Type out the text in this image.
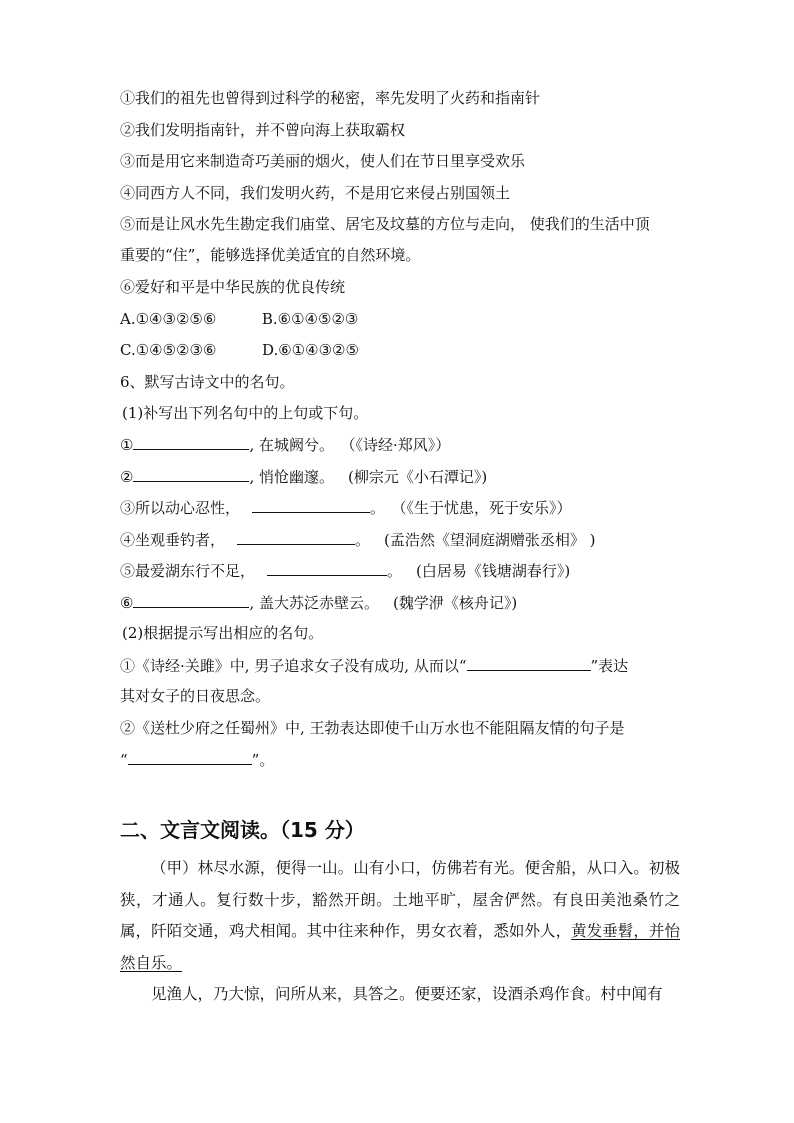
①我们的祖先也曾得到过科学的秘密，率先发明了火药和指南针
②我们发明指南针，并不曾向海上获取霸权
③而是用它来制造奇巧美丽的烟火，使人们在节日里享受欢乐
④同西方人不同，我们发明火药，不是用它来侵占别国领土
⑤而是让风水先生勘定我们庙堂、居宅及坟墓的方位与走向， 使我们的生活中顶
重要的“住”，能够选择优美适宜的自然环境。
⑥爱好和平是中华民族的优良传统
A.①④③②⑤⑥	B.⑥①④⑤②③
C.①④⑤②③⑥	D.⑥①④③②⑤
6、默写古诗文中的名句。
(1)补写出下列名句中的上句或下句。
①	, 在城阙兮。 （《诗经·郑风》）
②	, 悄怆幽邃。 (柳宗元《小石潭记》)
③所以动心忍性，	。 （《生于忧患，死于安乐》）
④坐观垂钓者，	。 (孟浩然《望洞庭湖赠张丞相》 )
⑤最爱湖东行不足，	。 (白居易《钱塘湖春行》)
⑥	, 盖大苏泛赤壁云。 (魏学洢《核舟记》)
(2)根据提示写出相应的名句。
①《诗经·关雎》中, 男子追求女子没有成功, 从而以“	”表达
其对女子的日夜思念。
②《送杜少府之任蜀州》中, 王勃表达即使千山万水也不能阻隔友情的句子是
“	”。
二、文言文阅读。（15 分）
（甲）林尽水源，便得一山。山有小口，仿佛若有光。便舍船，从口入。初极狭，才通人。复行数十步，豁然开朗。土地平旷，屋舍俨然。有良田美池桑竹之属，阡陌交通，鸡犬相闻。其中往来种作，男女衣着，悉如外人，黄发垂髫，并怡然自乐。
见渔人，乃大惊，问所从来，具答之。便要还家，设酒杀鸡作食。村中闻有
